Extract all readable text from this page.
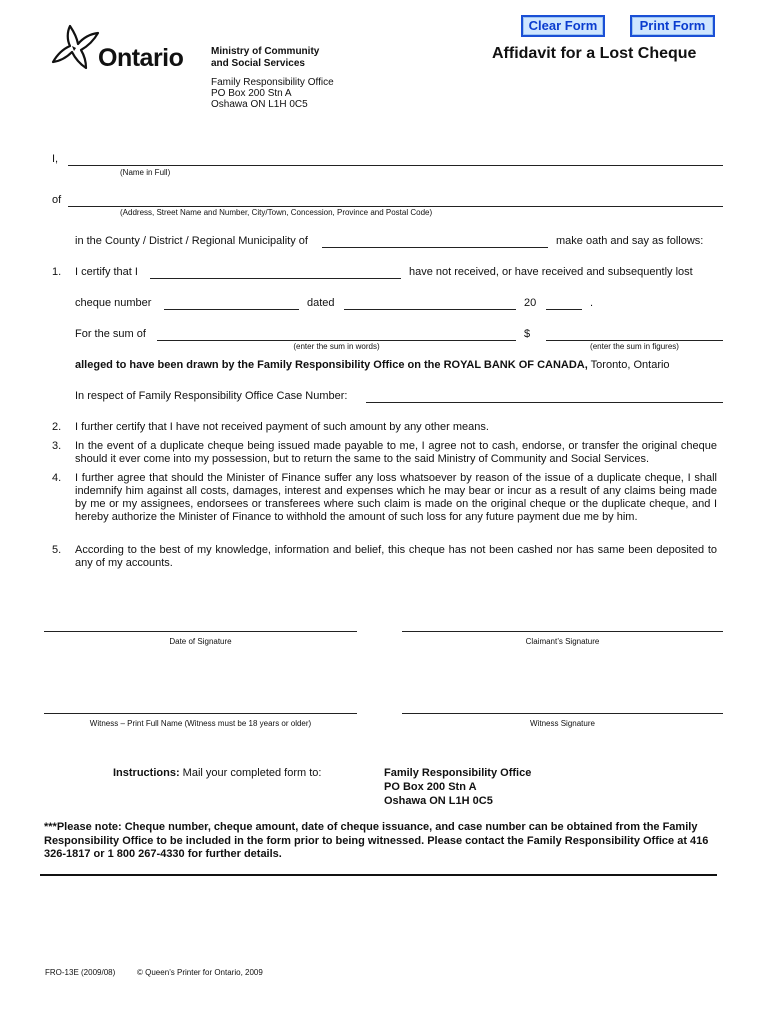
Clear Form	Print Form
Ontario	Ministry of Community
and Social Services
Family Responsibility Office
PO Box 200 Stn A
Oshawa ON L1H 0C5
Affidavit for a Lost Cheque
I,
(Name in Full)
of
(Address, Street Name and Number, City/Town, Concession, Province and Postal Code)
in the County / District / Regional Municipality of	make oath and say as follows:
1. I certify that I	have not received, or have received and subsequently lost
cheque number	dated	20	.
For the sum of
(enter the sum in words)
$
(enter the sum in figures)
alleged to have been drawn by the Family Responsibility Office on the ROYAL BANK OF CANADA, Toronto, Ontario
In respect of Family Responsibility Office Case Number:
2. I further certify that I have not received payment of such amount by any other means.
3. In the event of a duplicate cheque being issued made payable to me, I agree not to cash, endorse, or transfer the original cheque should it ever come into my possession, but to return the same to the said Ministry of Community and Social Services.
4. I further agree that should the Minister of Finance suffer any loss whatsoever by reason of the issue of a duplicate cheque, I shall indemnify him against all costs, damages, interest and expenses which he may bear or incur as a result of any claims being made by me or my assignees, endorsees or transferees where such claim is made on the original cheque or the duplicate cheque, and I hereby authorize the Minister of Finance to withhold the amount of such loss for any future payment due me by him.
5. According to the best of my knowledge, information and belief, this cheque has not been cashed nor has same been deposited to any of my accounts.
Date of Signature	Claimant’s Signature
Witness – Print Full Name (Witness must be 18 years or older)	Witness Signature
Instructions: Mail your completed form to:	Family Responsibility Office
PO Box 200 Stn A
Oshawa ON L1H 0C5
***Please note: Cheque number, cheque amount, date of cheque issuance, and case number can be obtained from the Family Responsibility Office to be included in the form prior to being witnessed. Please contact the Family Responsibility Office at 416 326-1817 or 1 800 267-4330 for further details.
FRO-13E (2009/08)	© Queen’s Printer for Ontario, 2009
